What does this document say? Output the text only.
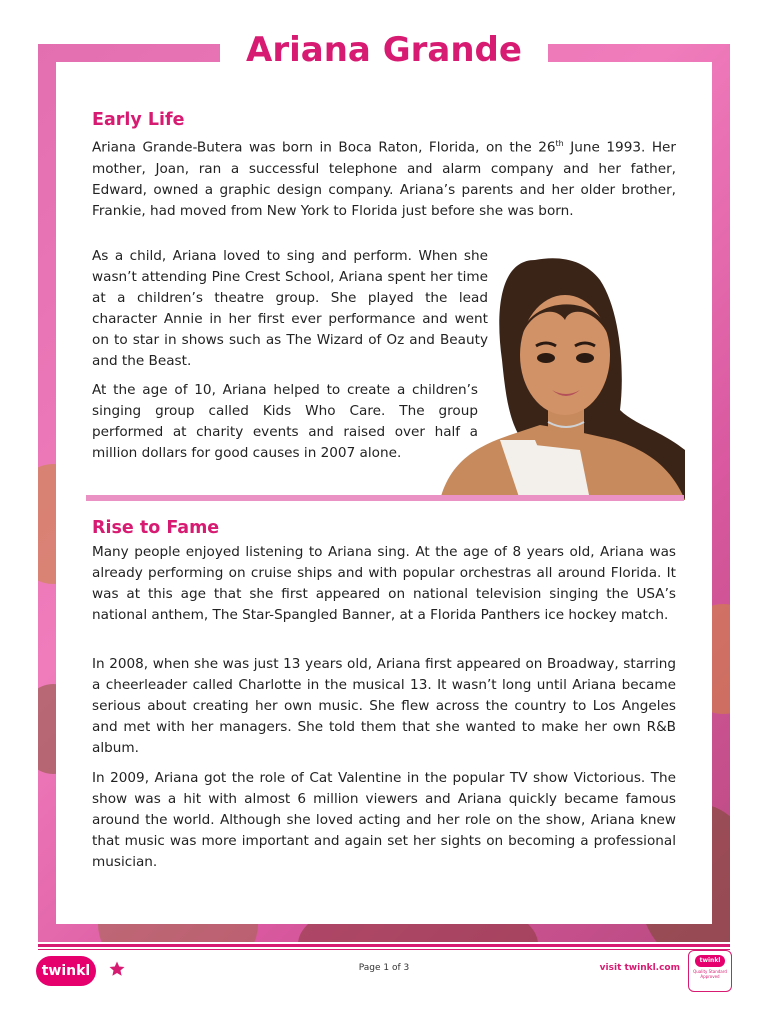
Ariana Grande
Early Life

Ariana Grande-Butera was born in Boca Raton, Florida, on the 26th June 1993. Her mother, Joan, ran a successful telephone and alarm company and her father, Edward, owned a graphic design company. Ariana’s parents and her older brother, Frankie, had moved from New York to Florida just before she was born.

As a child, Ariana loved to sing and perform. When she wasn’t attending Pine Crest School, Ariana spent her time at a children’s theatre group. She played the lead character Annie in her first ever performance and went on to star in shows such as The Wizard of Oz and Beauty and the Beast.

At the age of 10, Ariana helped to create a children’s singing group called Kids Who Care. The group performed at charity events and raised over half a million dollars for good causes in 2007 alone.

Rise to Fame

Many people enjoyed listening to Ariana sing. At the age of 8 years old, Ariana was already performing on cruise ships and with popular orchestras all around Florida. It was at this age that she first appeared on national television singing the USA’s national anthem, The Star-Spangled Banner, at a Florida Panthers ice hockey match.

In 2008, when she was just 13 years old, Ariana first appeared on Broadway, starring a cheerleader called Charlotte in the musical 13. It wasn’t long until Ariana became serious about creating her own music. She flew across the country to Los Angeles and met with her managers. She told them that she wanted to make her own R&B album.

In 2009, Ariana got the role of Cat Valentine in the popular TV show Victorious. The show was a hit with almost 6 million viewers and Ariana quickly became famous around the world. Although she loved acting and her role on the show, Ariana knew that music was more important and again set her sights on becoming a professional musician.

twinkl	Page 1 of 3	visit twinkl.com
twinkl
Quality Standard Approved
